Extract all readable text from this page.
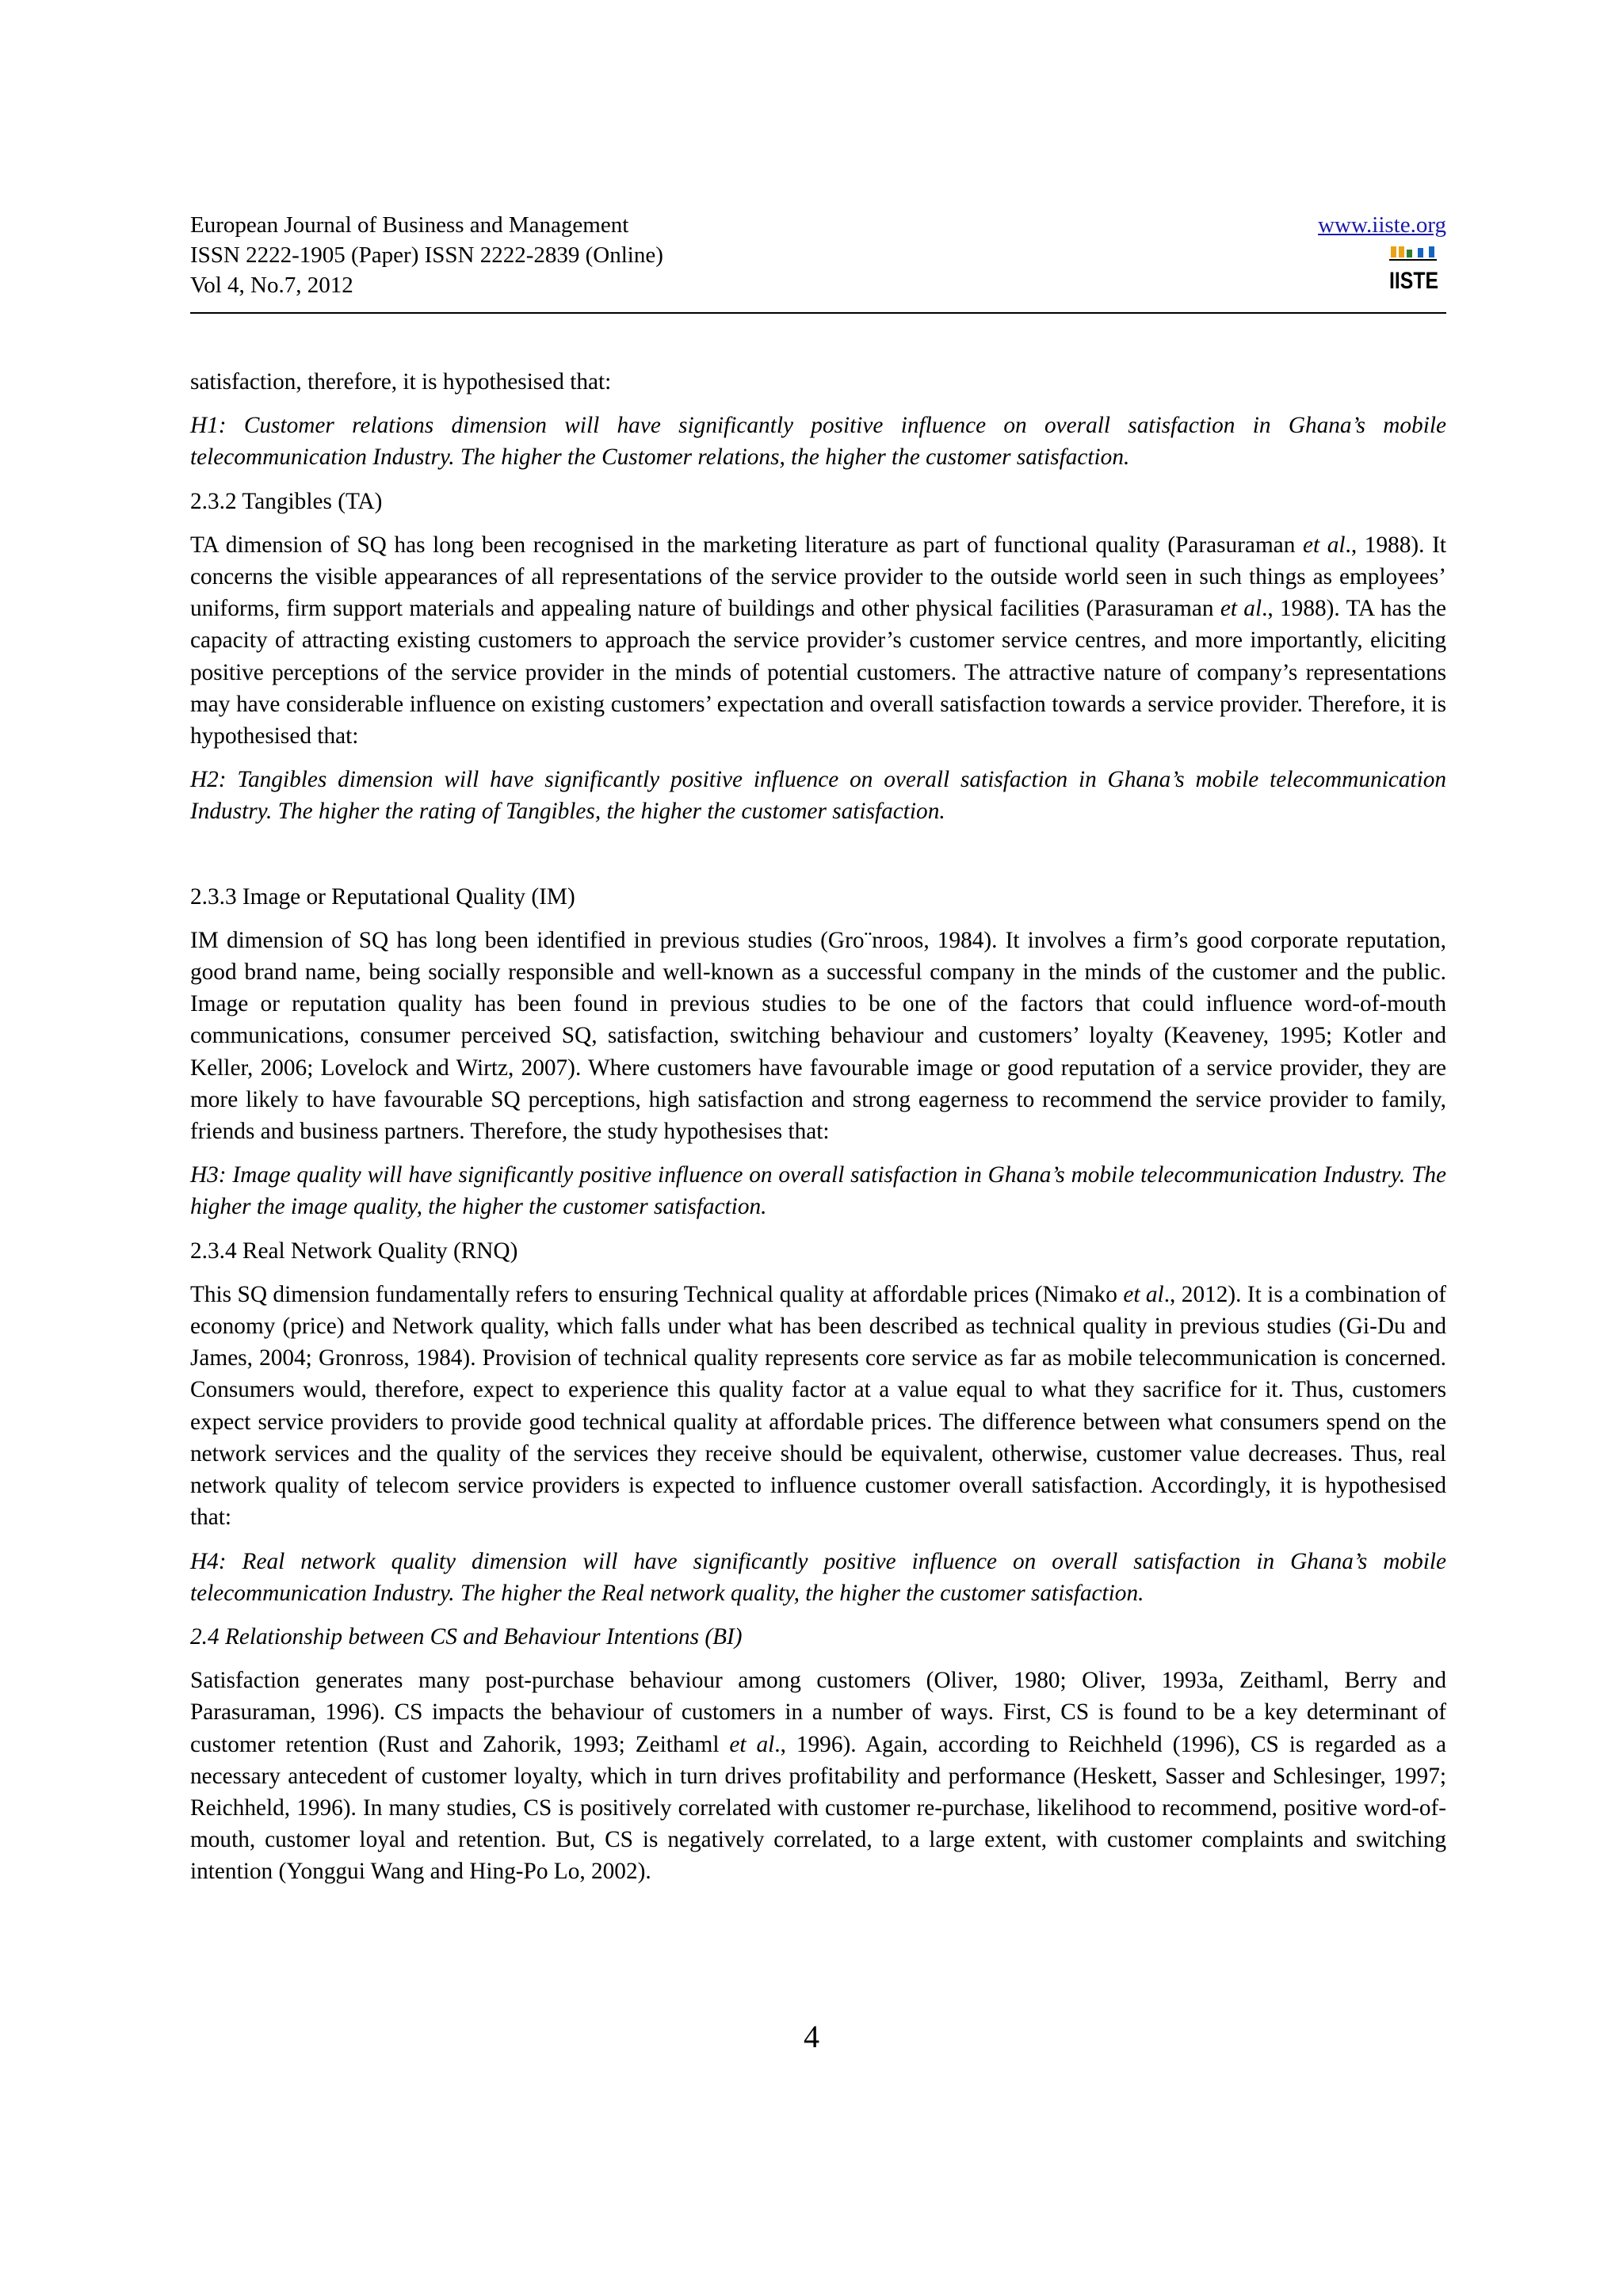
European Journal of Business and Management
ISSN 2222-1905 (Paper) ISSN 2222-2839 (Online)
Vol 4, No.7, 2012
www.iiste.org
IISTE

satisfaction, therefore, it is hypothesised that:

H1: Customer relations dimension will have significantly positive influence on overall satisfaction in Ghana’s mobile telecommunication Industry. The higher the Customer relations, the higher the customer satisfaction.

2.3.2 Tangibles (TA)

TA dimension of SQ has long been recognised in the marketing literature as part of functional quality (Parasuraman et al., 1988). It concerns the visible appearances of all representations of the service provider to the outside world seen in such things as employees’ uniforms, firm support materials and appealing nature of buildings and other physical facilities (Parasuraman et al., 1988). TA has the capacity of attracting existing customers to approach the service provider’s customer service centres, and more importantly, eliciting positive perceptions of the service provider in the minds of potential customers. The attractive nature of company’s representations may have considerable influence on existing customers’ expectation and overall satisfaction towards a service provider. Therefore, it is hypothesised that:

H2: Tangibles dimension will have significantly positive influence on overall satisfaction in Ghana’s mobile telecommunication Industry. The higher the rating of Tangibles, the higher the customer satisfaction.

2.3.3 Image or Reputational Quality (IM)

IM dimension of SQ has long been identified in previous studies (Gro¨nroos, 1984). It involves a firm’s good corporate reputation, good brand name, being socially responsible and well-known as a successful company in the minds of the customer and the public. Image or reputation quality has been found in previous studies to be one of the factors that could influence word-of-mouth communications, consumer perceived SQ, satisfaction, switching behaviour and customers’ loyalty (Keaveney, 1995; Kotler and Keller, 2006; Lovelock and Wirtz, 2007). Where customers have favourable image or good reputation of a service provider, they are more likely to have favourable SQ perceptions, high satisfaction and strong eagerness to recommend the service provider to family, friends and business partners. Therefore, the study hypothesises that:

H3: Image quality will have significantly positive influence on overall satisfaction in Ghana’s mobile telecommunication Industry. The higher the image quality, the higher the customer satisfaction.

2.3.4 Real Network Quality (RNQ)

This SQ dimension fundamentally refers to ensuring Technical quality at affordable prices (Nimako et al., 2012). It is a combination of economy (price) and Network quality, which falls under what has been described as technical quality in previous studies (Gi-Du and James, 2004; Gronross, 1984). Provision of technical quality represents core service as far as mobile telecommunication is concerned. Consumers would, therefore, expect to experience this quality factor at a value equal to what they sacrifice for it. Thus, customers expect service providers to provide good technical quality at affordable prices. The difference between what consumers spend on the network services and the quality of the services they receive should be equivalent, otherwise, customer value decreases. Thus, real network quality of telecom service providers is expected to influence customer overall satisfaction. Accordingly, it is hypothesised that:

H4: Real network quality dimension will have significantly positive influence on overall satisfaction in Ghana’s mobile telecommunication Industry. The higher the Real network quality, the higher the customer satisfaction.

2.4 Relationship between CS and Behaviour Intentions (BI)

Satisfaction generates many post-purchase behaviour among customers (Oliver, 1980; Oliver, 1993a, Zeithaml, Berry and Parasuraman, 1996). CS impacts the behaviour of customers in a number of ways. First, CS is found to be a key determinant of customer retention (Rust and Zahorik, 1993; Zeithaml et al., 1996). Again, according to Reichheld (1996), CS is regarded as a necessary antecedent of customer loyalty, which in turn drives profitability and performance (Heskett, Sasser and Schlesinger, 1997; Reichheld, 1996). In many studies, CS is positively correlated with customer re-purchase, likelihood to recommend, positive word-of-mouth, customer loyal and retention. But, CS is negatively correlated, to a large extent, with customer complaints and switching intention (Yonggui Wang and Hing-Po Lo, 2002).

4
